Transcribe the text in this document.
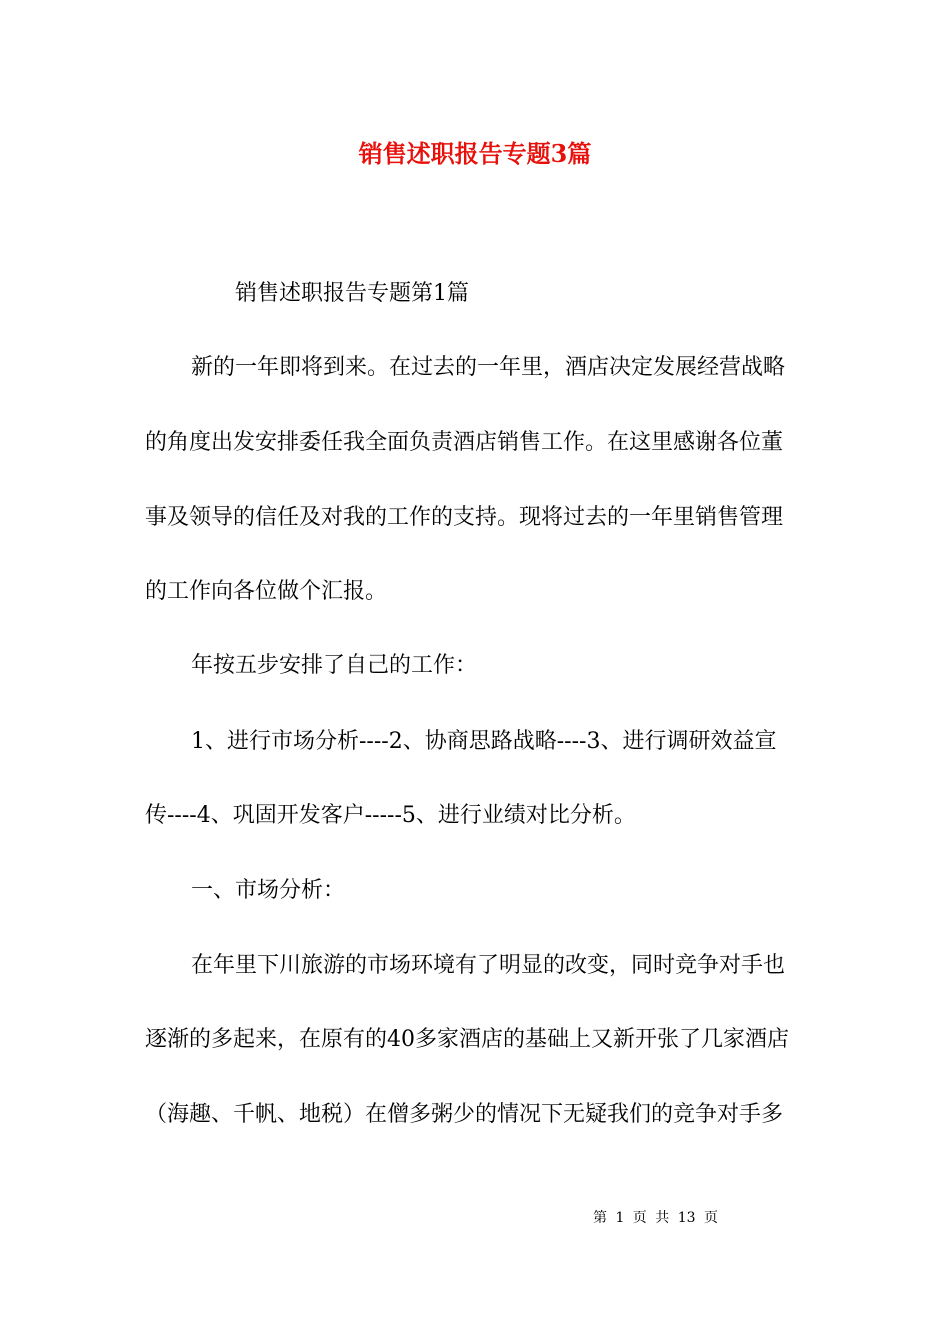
销售述职报告专题3篇
销售述职报告专题第1篇
新的一年即将到来。在过去的一年里，酒店决定发展经营战略
的角度出发安排委任我全面负责酒店销售工作。在这里感谢各位董
事及领导的信任及对我的工作的支持。现将过去的一年里销售管理
的工作向各位做个汇报。
年按五步安排了自己的工作：
1、进行市场分析----2、协商思路战略----3、进行调研效益宣
传----4、巩固开发客户-----5、进行业绩对比分析。
一、市场分析：
在年里下川旅游的市场环境有了明显的改变，同时竞争对手也
逐渐的多起来，在原有的40多家酒店的基础上又新开张了几家酒店
（海趣、千帆、地税）在僧多粥少的情况下无疑我们的竞争对手多
第 1 页 共 13 页
